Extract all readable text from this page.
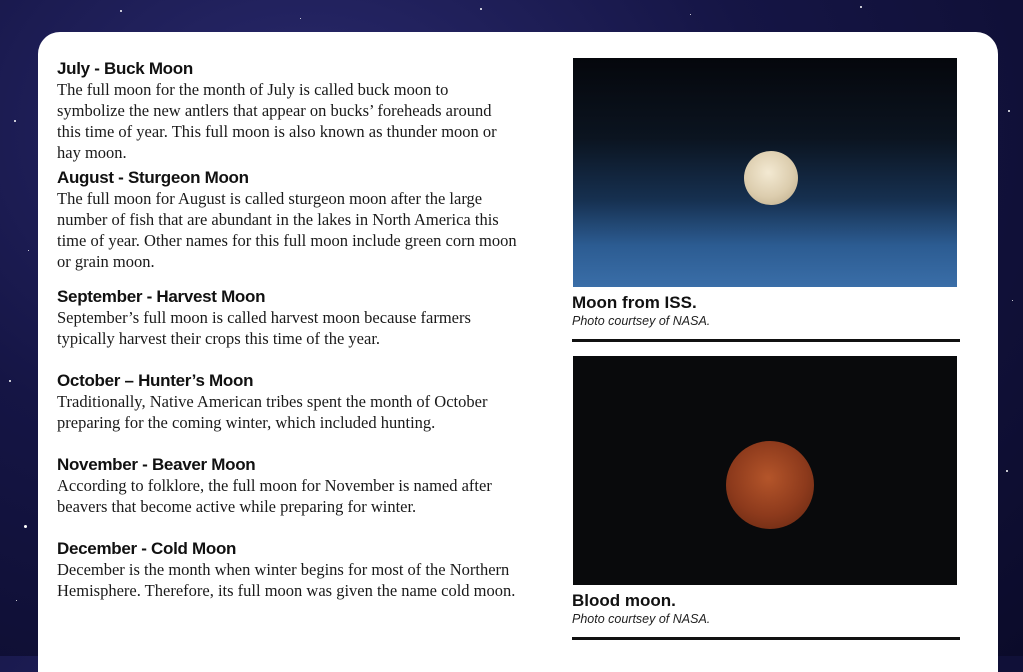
July - Buck Moon

The full moon for the month of July is called buck moon to symbolize the new antlers that appear on bucks’ foreheads around this time of year. This full moon is also known as thunder moon or hay moon.

August - Sturgeon Moon

The full moon for August is called sturgeon moon after the large number of fish that are abundant in the lakes in North America this time of year. Other names for this full moon include green corn moon or grain moon.

September - Harvest Moon

September’s full moon is called harvest moon because farmers typically harvest their crops this time of the year.

October – Hunter’s Moon

Traditionally, Native American tribes spent the month of October preparing for the coming winter, which included hunting.

November - Beaver Moon

According to folklore, the full moon for November is named after beavers that become active while preparing for winter.

December - Cold Moon

December is the month when winter begins for most of the Northern Hemisphere. Therefore, its full moon was given the name cold moon.

Moon from ISS.
Photo courtsey of NASA.
Blood moon.
Photo courtsey of NASA.
